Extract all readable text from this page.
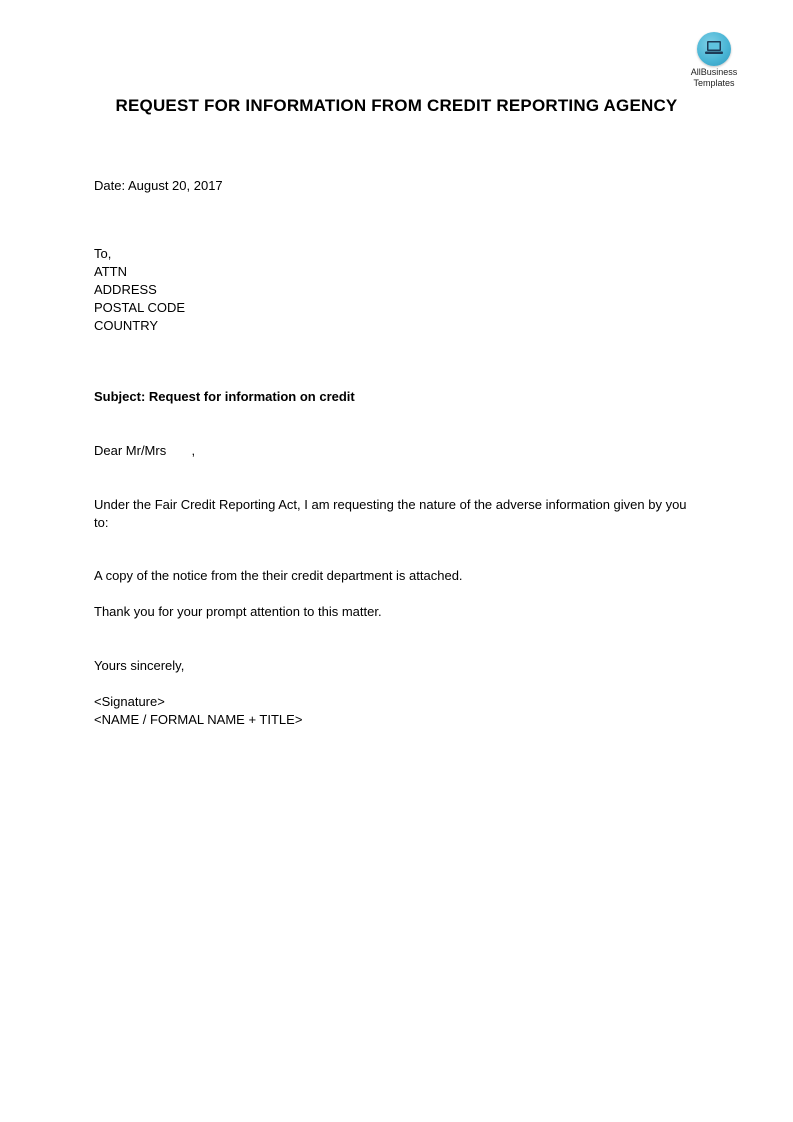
AllBusiness
Templates
REQUEST FOR INFORMATION FROM CREDIT REPORTING AGENCY
Date: August 20, 2017
To,
ATTN
ADDRESS
POSTAL CODE
COUNTRY
Subject: Request for information on credit
Dear Mr/Mrs       ,
Under the Fair Credit Reporting Act, I am requesting the nature of the adverse information given by you to:
A copy of the notice from the their credit department is attached.
Thank you for your prompt attention to this matter.
Yours sincerely,
<Signature>
<NAME / FORMAL NAME + TITLE>
